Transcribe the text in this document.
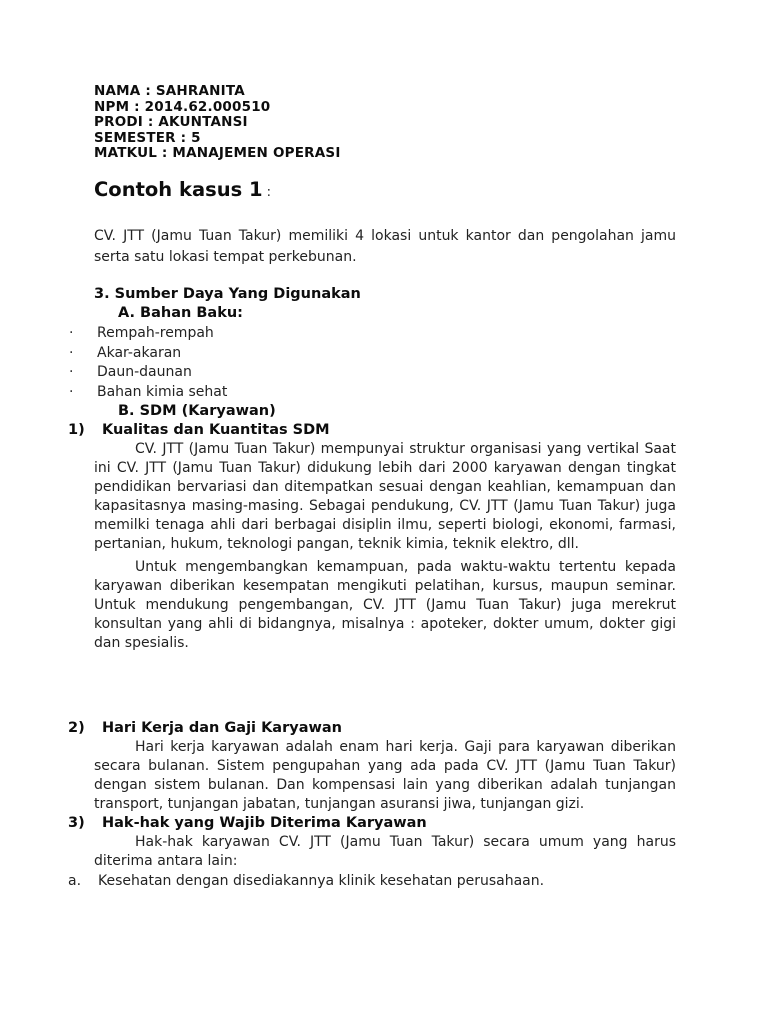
NAMA : SAHRANITA
NPM : 2014.62.000510
PRODI : AKUNTANSI
SEMESTER : 5
MATKUL : MANAJEMEN OPERASI
Contoh kasus 1 :
CV. JTT (Jamu Tuan Takur) memiliki 4 lokasi untuk kantor dan pengolahan jamu serta satu lokasi tempat perkebunan.
3. Sumber Daya Yang Digunakan
A. Bahan Baku:
·	Rempah-rempah
·	Akar-akaran
·	Daun-daunan
·	Bahan kimia sehat
B. SDM (Karyawan)
1)	Kualitas dan Kuantitas SDM
CV. JTT (Jamu Tuan Takur) mempunyai struktur organisasi yang vertikal Saat ini CV. JTT (Jamu Tuan Takur) didukung lebih dari 2000 karyawan dengan tingkat pendidikan bervariasi dan ditempatkan sesuai dengan keahlian, kemampuan dan kapasitasnya masing-masing. Sebagai pendukung, CV. JTT (Jamu Tuan Takur) juga memilki tenaga ahli dari berbagai disiplin ilmu, seperti biologi, ekonomi, farmasi, pertanian, hukum, teknologi pangan, teknik kimia, teknik elektro, dll.
Untuk mengembangkan kemampuan, pada waktu-waktu tertentu kepada karyawan diberikan kesempatan mengikuti pelatihan, kursus, maupun seminar. Untuk mendukung pengembangan, CV. JTT (Jamu Tuan Takur) juga merekrut konsultan yang ahli di bidangnya, misalnya : apoteker, dokter umum, dokter gigi dan spesialis.
2)	Hari Kerja dan Gaji Karyawan
Hari kerja karyawan adalah enam hari kerja. Gaji para karyawan diberikan secara bulanan. Sistem pengupahan yang ada pada CV. JTT (Jamu Tuan Takur) dengan sistem bulanan. Dan kompensasi lain yang diberikan adalah tunjangan transport, tunjangan jabatan, tunjangan asuransi jiwa, tunjangan gizi.
3)	Hak-hak yang Wajib Diterima Karyawan
Hak-hak karyawan CV. JTT (Jamu Tuan Takur) secara umum yang harus diterima antara lain:
a.	Kesehatan dengan disediakannya klinik kesehatan perusahaan.
